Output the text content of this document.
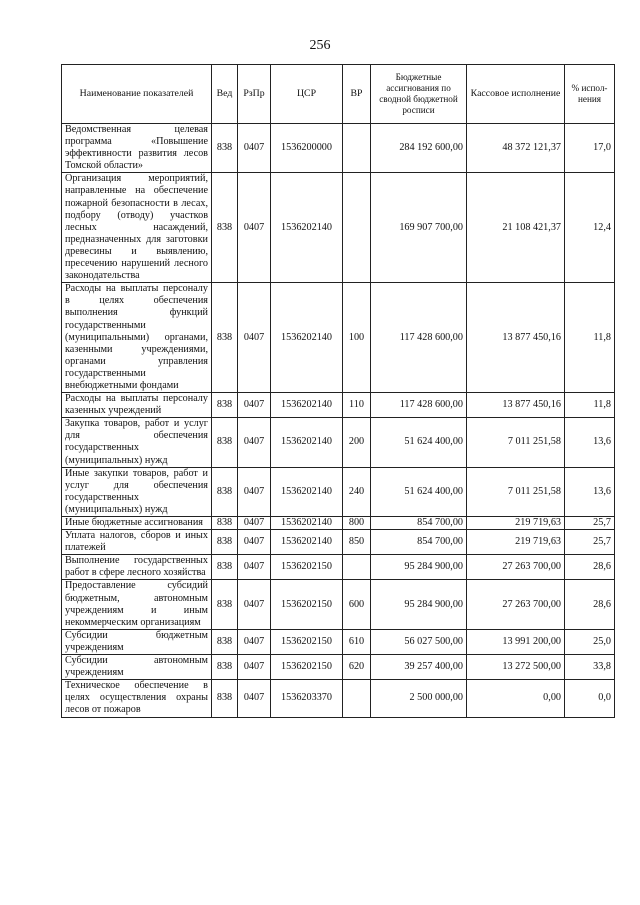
256
Наименование показателей	Вед	РзПр	ЦСР	ВР	Бюджетные ассигнования по сводной бюджетной росписи	Кассовое исполнение	% испол-нения
Ведомственная целевая программа «Повышение эффективности развития лесов Томской области»	838	0407	1536200000		284 192 600,00	48 372 121,37	17,0
Организация мероприятий, направленные на обеспечение пожарной безопасности в лесах, подбору (отводу) участков лесных насаждений, предназначенных для заготовки древесины и выявлению, пресечению нарушений лесного законодательства	838	0407	1536202140		169 907 700,00	21 108 421,37	12,4
Расходы на выплаты персоналу в целях обеспечения выполнения функций государственными (муниципальными) органами, казенными учреждениями, органами управления государственными внебюджетными фондами	838	0407	1536202140	100	117 428 600,00	13 877 450,16	11,8
Расходы на выплаты персоналу казенных учреждений	838	0407	1536202140	110	117 428 600,00	13 877 450,16	11,8
Закупка товаров, работ и услуг для обеспечения государственных (муниципальных) нужд	838	0407	1536202140	200	51 624 400,00	7 011 251,58	13,6
Иные закупки товаров, работ и услуг для обеспечения государственных (муниципальных) нужд	838	0407	1536202140	240	51 624 400,00	7 011 251,58	13,6
Иные бюджетные ассигнования	838	0407	1536202140	800	854 700,00	219 719,63	25,7
Уплата налогов, сборов и иных платежей	838	0407	1536202140	850	854 700,00	219 719,63	25,7
Выполнение государственных работ в сфере лесного хозяйства	838	0407	1536202150		95 284 900,00	27 263 700,00	28,6
Предоставление субсидий бюджетным, автономным учреждениям и иным некоммерческим организациям	838	0407	1536202150	600	95 284 900,00	27 263 700,00	28,6
Субсидии бюджетным учреждениям	838	0407	1536202150	610	56 027 500,00	13 991 200,00	25,0
Субсидии автономным учреждениям	838	0407	1536202150	620	39 257 400,00	13 272 500,00	33,8
Техническое обеспечение в целях осуществления охраны лесов от пожаров	838	0407	1536203370		2 500 000,00	0,00	0,0
